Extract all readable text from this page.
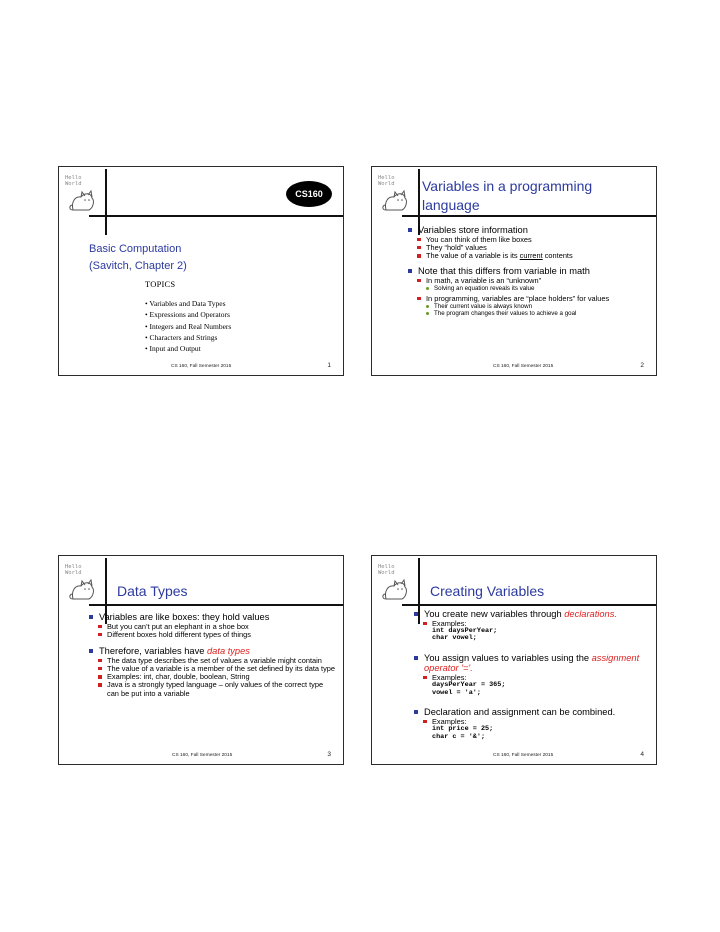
Hello
World
CS160
Basic Computation
(Savitch, Chapter 2)
TOPICS
• Variables and Data Types
• Expressions and Operators
• Integers and Real Numbers
• Characters and Strings
• Input and Output
CS 160, Fall Semester 2015	1
Hello
World Variables in a programming
language
Variables store information
You can think of them like boxes
They “hold” values
The value of a variable is its current contents
Note that this differs from variable in math
In math, a variable is an “unknown”
Solving an equation reveals its value
In programming, variables are “place holders” for values
Their current value is always known
The program changes their values to achieve a goal
CS 160, Fall Semester 2015	2
Hello
World
Data Types
Variables are like boxes: they hold values
But you can’t put an elephant in a shoe box
Different boxes hold different types of things
Therefore, variables have data types
The data type describes the set of values a variable might contain
The value of a variable is a member of the set defined by its data type
Examples: int, char, double, boolean, String
Java is a strongly typed language – only values of the correct type can be put into a variable
CS 160, Fall Semester 2015	3
Hello
World
Creating Variables
You create new variables through declarations.
Examples:
int daysPerYear;
char vowel;
You assign values to variables using the assignment operator '='.
Examples:
daysPerYear = 365;
vowel = 'a';
Declaration and assignment can be combined.
Examples:
int price = 25;
char c = '&';
CS 160, Fall Semester 2015	4
